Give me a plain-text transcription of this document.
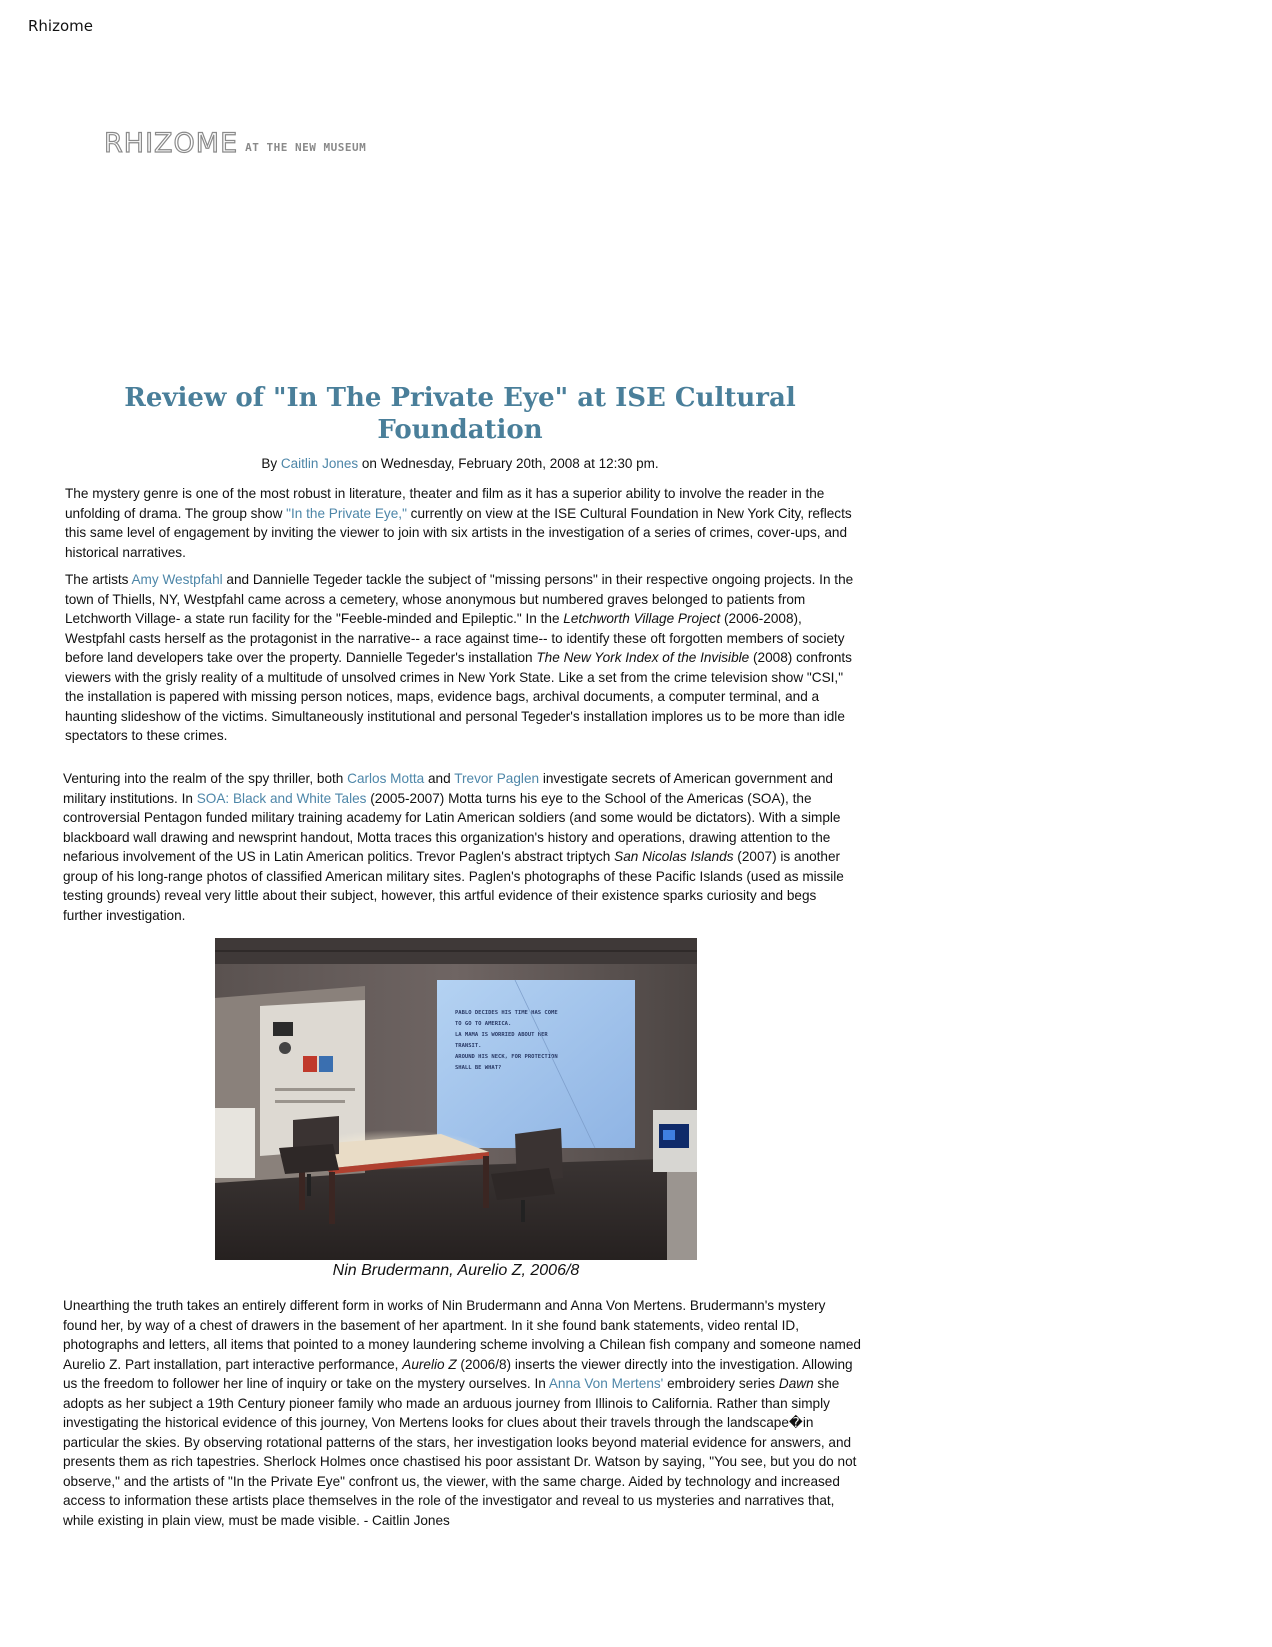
Rhizome
RHIZOME AT THE NEW MUSEUM
Review of "In The Private Eye" at ISE Cultural Foundation
By Caitlin Jones on Wednesday, February 20th, 2008 at 12:30 pm.

The mystery genre is one of the most robust in literature, theater and film as it has a superior ability to involve the reader in the unfolding of drama. The group show "In the Private Eye," currently on view at the ISE Cultural Foundation in New York City, reflects this same level of engagement by inviting the viewer to join with six artists in the investigation of a series of crimes, cover-ups, and historical narratives.

The artists Amy Westpfahl and Dannielle Tegeder tackle the subject of "missing persons" in their respective ongoing projects. In the town of Thiells, NY, Westpfahl came across a cemetery, whose anonymous but numbered graves belonged to patients from Letchworth Village- a state run facility for the "Feeble-minded and Epileptic." In the Letchworth Village Project (2006-2008), Westpfahl casts herself as the protagonist in the narrative-- a race against time-- to identify these oft forgotten members of society before land developers take over the property. Dannielle Tegeder's installation The New York Index of the Invisible (2008) confronts viewers with the grisly reality of a multitude of unsolved crimes in New York State. Like a set from the crime television show "CSI," the installation is papered with missing person notices, maps, evidence bags, archival documents, a computer terminal, and a haunting slideshow of the victims. Simultaneously institutional and personal Tegeder's installation implores us to be more than idle spectators to these crimes.

Venturing into the realm of the spy thriller, both Carlos Motta and Trevor Paglen investigate secrets of American government and military institutions. In SOA: Black and White Tales (2005-2007) Motta turns his eye to the School of the Americas (SOA), the controversial Pentagon funded military training academy for Latin American soldiers (and some would be dictators). With a simple blackboard wall drawing and newsprint handout, Motta traces this organization's history and operations, drawing attention to the nefarious involvement of the US in Latin American politics. Trevor Paglen's abstract triptych San Nicolas Islands (2007) is another group of his long-range photos of classified American military sites. Paglen's photographs of these Pacific Islands (used as missile testing grounds) reveal very little about their subject, however, this artful evidence of their existence sparks curiosity and begs further investigation.

PABLO DECIDES HIS TIME HAS COME TO GO TO AMERICA. LA MAMA IS WORRIED ABOUT HER TRANSIT. AROUND HIS NECK, FOR PROTECTION SHALL BE WHAT?
Nin Brudermann, Aurelio Z, 2006/8

Unearthing the truth takes an entirely different form in works of Nin Brudermann and Anna Von Mertens. Brudermann's mystery found her, by way of a chest of drawers in the basement of her apartment. In it she found bank statements, video rental ID, photographs and letters, all items that pointed to a money laundering scheme involving a Chilean fish company and someone named Aurelio Z. Part installation, part interactive performance, Aurelio Z (2006/8) inserts the viewer directly into the investigation. Allowing us the freedom to follower her line of inquiry or take on the mystery ourselves. In Anna Von Mertens' embroidery series Dawn she adopts as her subject a 19th Century pioneer family who made an arduous journey from Illinois to California. Rather than simply investigating the historical evidence of this journey, Von Mertens looks for clues about their travels through the landscape�in particular the skies. By observing rotational patterns of the stars, her investigation looks beyond material evidence for answers, and presents them as rich tapestries. Sherlock Holmes once chastised his poor assistant Dr. Watson by saying, "You see, but you do not observe," and the artists of "In the Private Eye" confront us, the viewer, with the same charge. Aided by technology and increased access to information these artists place themselves in the role of the investigator and reveal to us mysteries and narratives that, while existing in plain view, must be made visible. - Caitlin Jones
